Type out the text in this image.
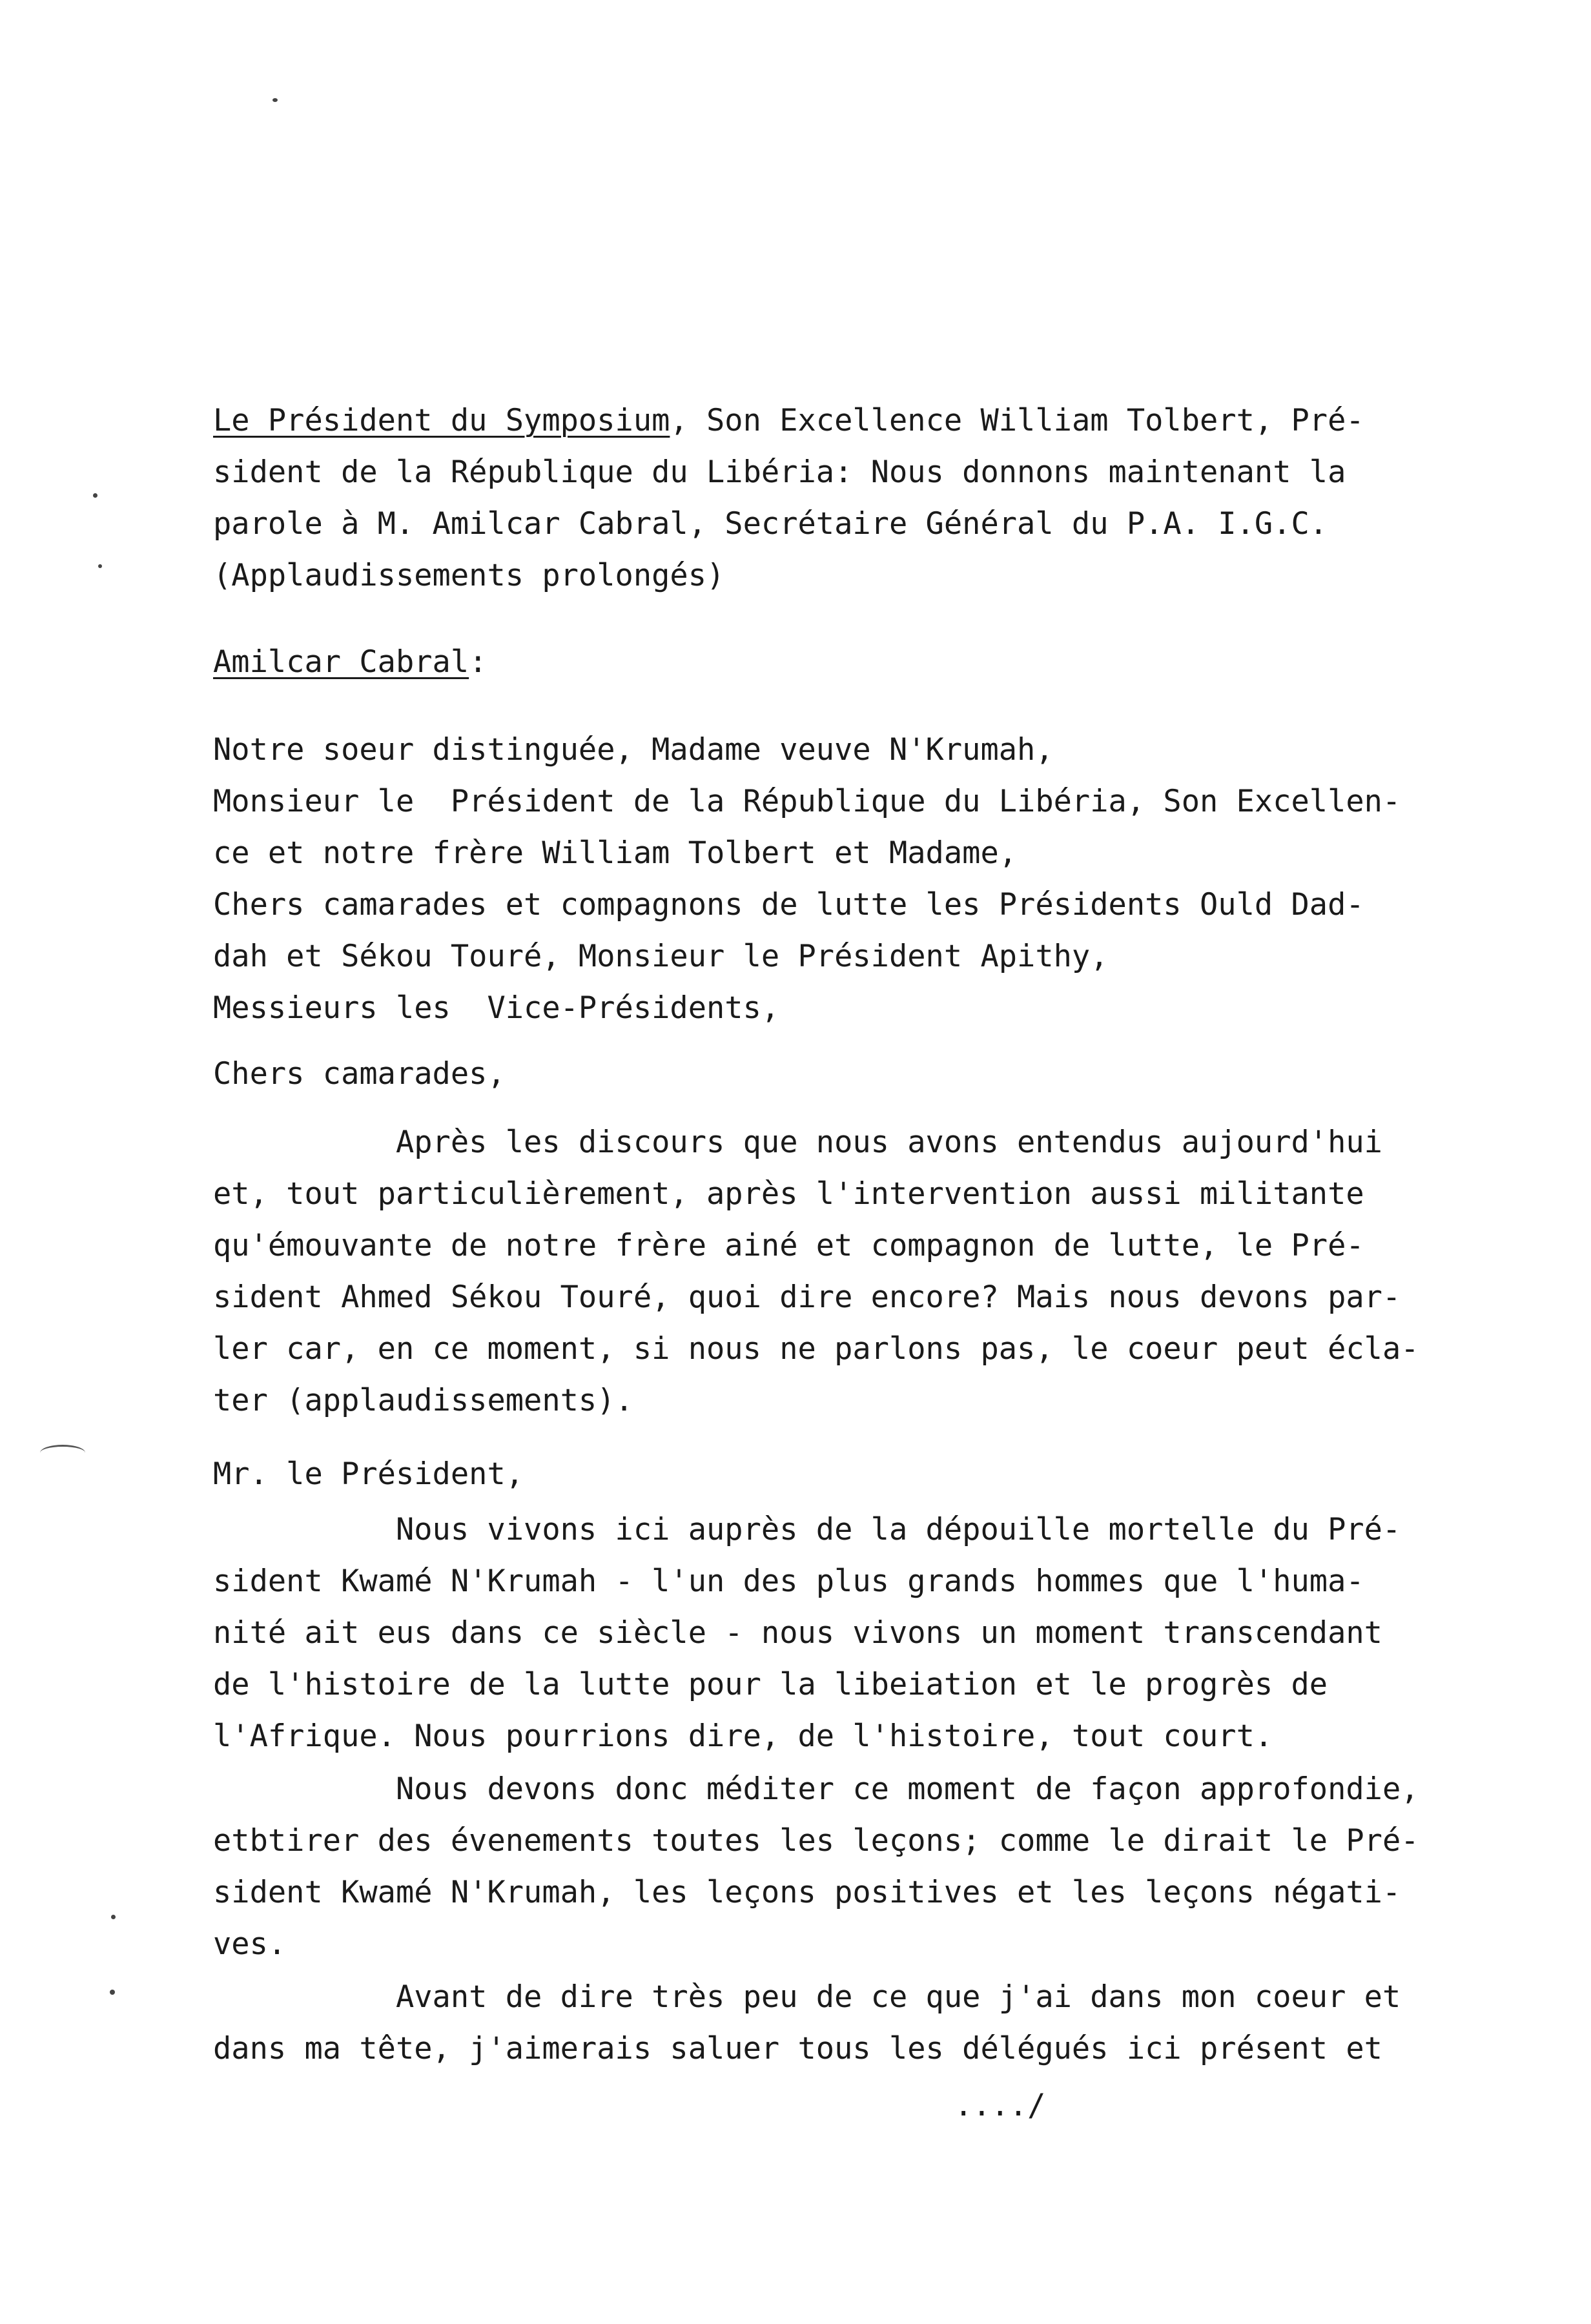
Le Président du Symposium, Son Excellence William Tolbert, Pré-
sident de la République du Libéria: Nous donnons maintenant la
parole à M. Amilcar Cabral, Secrétaire Général du P.A. I.G.C.
(Applaudissements prolongés)
Amilcar Cabral:
Notre soeur distinguée, Madame veuve N'Krumah,
Monsieur le  Président de la République du Libéria, Son Excellen-
ce et notre frère William Tolbert et Madame,
Chers camarades et compagnons de lutte les Présidents Ould Dad-
dah et Sékou Touré, Monsieur le Président Apithy,
Messieurs les  Vice-Présidents,
Chers camarades,
Après les discours que nous avons entendus aujourd'hui
et, tout particulièrement, après l'intervention aussi militante
qu'émouvante de notre frère ainé et compagnon de lutte, le Pré-
sident Ahmed Sékou Touré, quoi dire encore? Mais nous devons par-
ler car, en ce moment, si nous ne parlons pas, le coeur peut écla-
ter (applaudissements).
Mr. le Président,
Nous vivons ici auprès de la dépouille mortelle du Pré-
sident Kwamé N'Krumah - l'un des plus grands hommes que l'huma-
nité ait eus dans ce siècle - nous vivons un moment transcendant
de l'histoire de la lutte pour la libeiation et le progrès de
l'Afrique. Nous pourrions dire, de l'histoire, tout court.
Nous devons donc méditer ce moment de façon approfondie,
etbtirer des évenements toutes les leçons; comme le dirait le Pré-
sident Kwamé N'Krumah, les leçons positives et les leçons négati-
ves.
Avant de dire très peu de ce que j'ai dans mon coeur et
dans ma tête, j'aimerais saluer tous les délégués ici présent et
..../
